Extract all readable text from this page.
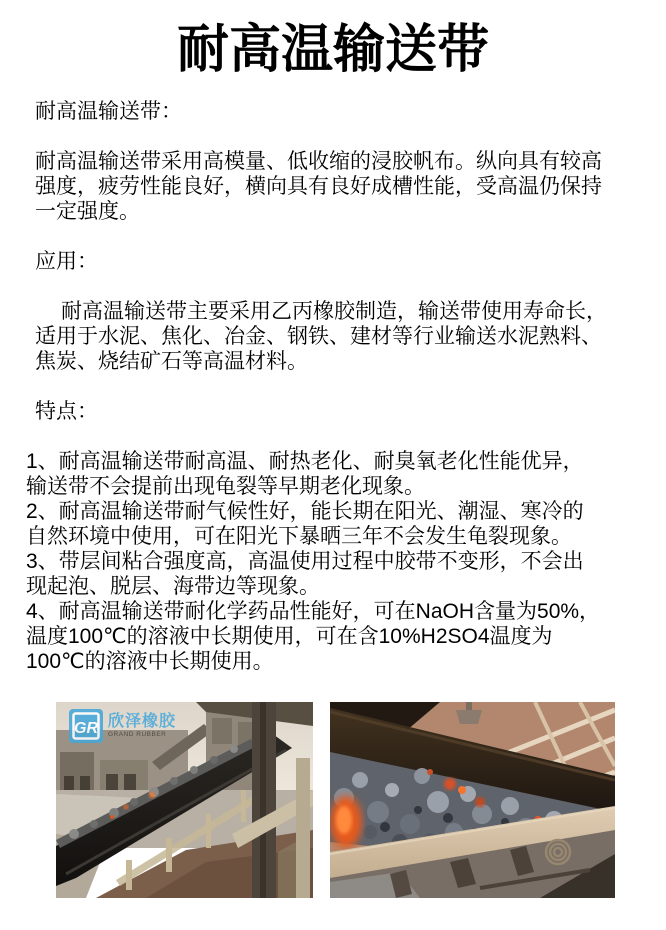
耐高温输送带

耐高温输送带：

耐高温输送带采用高模量、低收缩的浸胶帆布。纵向具有较高强度，疲劳性能良好，横向具有良好成槽性能，受高温仍保持一定强度。

应用：

耐高温输送带主要采用乙丙橡胶制造，输送带使用寿命长，适用于水泥、焦化、冶金、钢铁、建材等行业输送水泥熟料、焦炭、烧结矿石等高温材料。

特点：

1、耐高温输送带耐高温、耐热老化、耐臭氧老化性能优异，输送带不会提前出现龟裂等早期老化现象。

2、耐高温输送带耐气候性好，能长期在阳光、潮湿、寒冷的自然环境中使用，可在阳光下暴晒三年不会发生龟裂现象。

3、带层间粘合强度高，高温使用过程中胶带不变形，不会出现起泡、脱层、海带边等现象。

4、耐高温输送带耐化学药品性能好，可在NaOH含量为50%，温度100℃的溶液中长期使用，可在含10%H2SO4温度为100℃的溶液中长期使用。

GR 欣泽橡胶
GRAND RUBBER
